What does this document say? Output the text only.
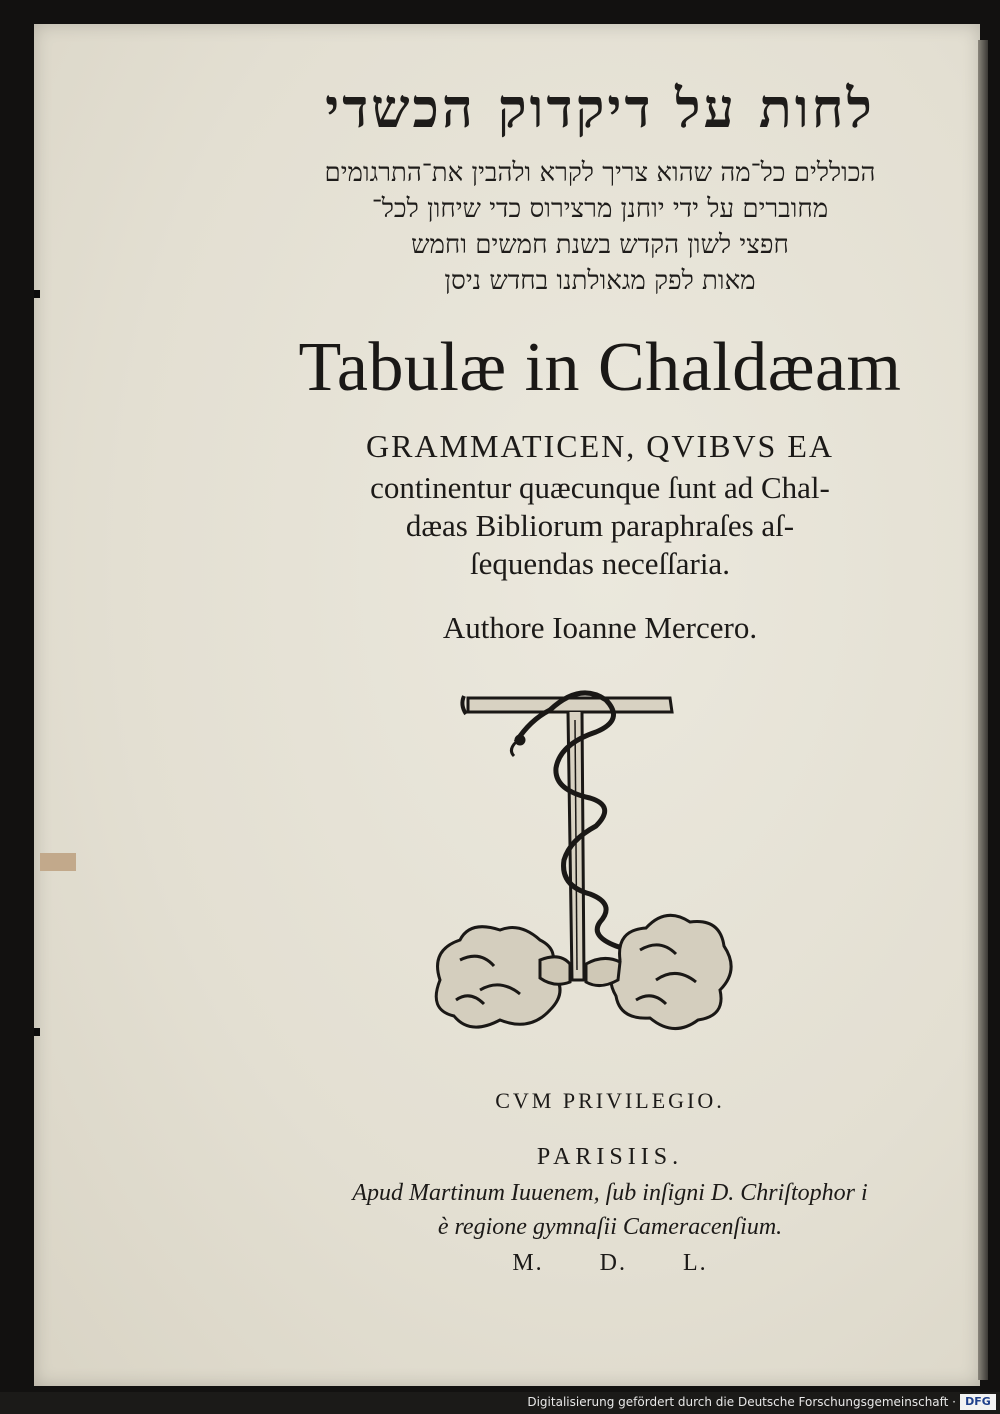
לחות על דיקדוק הכשדי
הכוללים כל־מה שהוא צריך לקרא ולהבין את־התרגומים
מחוברים על ידי יוחנן מרצירוס כדי שיחון לכל־
חפצי לשון הקדש בשנת חמשים וחמש
מאות לפק מגאולתנו בחדש ניסן
Tabulæ in Chaldæam
GRAMMATICEN, QVIBVS EA
continentur quæcunque ſunt ad Chal-
dæas Bibliorum paraphraſes aſ-
ſequendas neceſſaria.
Authore Ioanne Mercero.
CVM PRIVILEGIO.
PARISIIS.
Apud Martinum Iuuenem, ſub inſigni D. Chriſtophor i
è regione gymnaſii Cameracenſium.
M. D. L.
Digitalisierung gefördert durch die Deutsche Forschungsgemeinschaft · DFG
